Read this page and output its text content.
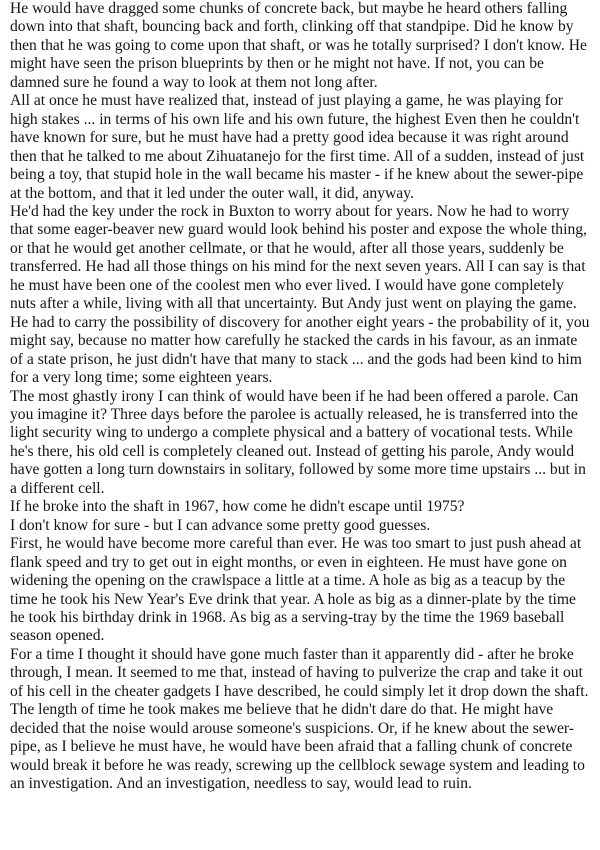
He would have dragged some chunks of concrete back, but maybe he heard others falling down into that shaft, bouncing back and forth, clinking off that standpipe. Did he know by then that he was going to come upon that shaft, or was he totally surprised? I don't know. He might have seen the prison blueprints by then or he might not have. If not, you can be damned sure he found a way to look at them not long after.

All at once he must have realized that, instead of just playing a game, he was playing for high stakes ... in terms of his own life and his own future, the highest Even then he couldn't have known for sure, but he must have had a pretty good idea because it was right around then that he talked to me about Zihuatanejo for the first time. All of a sudden, instead of just being a toy, that stupid hole in the wall became his master - if he knew about the sewer-pipe at the bottom, and that it led under the outer wall, it did, anyway.

He'd had the key under the rock in Buxton to worry about for years. Now he had to worry that some eager-beaver new guard would look behind his poster and expose the whole thing, or that he would get another cellmate, or that he would, after all those years, suddenly be transferred. He had all those things on his mind for the next seven years. All I can say is that he must have been one of the coolest men who ever lived. I would have gone completely nuts after a while, living with all that uncertainty. But Andy just went on playing the game.

He had to carry the possibility of discovery for another eight years - the probability of it, you might say, because no matter how carefully he stacked the cards in his favour, as an inmate of a state prison, he just didn't have that many to stack ... and the gods had been kind to him for a very long time; some eighteen years.

The most ghastly irony I can think of would have been if he had been offered a parole. Can you imagine it? Three days before the parolee is actually released, he is transferred into the light security wing to undergo a complete physical and a battery of vocational tests. While he's there, his old cell is completely cleaned out. Instead of getting his parole, Andy would have gotten a long turn downstairs in solitary, followed by some more time upstairs ... but in a different cell.

If he broke into the shaft in 1967, how come he didn't escape until 1975?

I don't know for sure - but I can advance some pretty good guesses.

First, he would have become more careful than ever. He was too smart to just push ahead at flank speed and try to get out in eight months, or even in eighteen. He must have gone on widening the opening on the crawlspace a little at a time. A hole as big as a teacup by the time he took his New Year's Eve drink that year. A hole as big as a dinner-plate by the time he took his birthday drink in 1968. As big as a serving-tray by the time the 1969 baseball season opened.

For a time I thought it should have gone much faster than it apparently did - after he broke through, I mean. It seemed to me that, instead of having to pulverize the crap and take it out of his cell in the cheater gadgets I have described, he could simply let it drop down the shaft. The length of time he took makes me believe that he didn't dare do that. He might have decided that the noise would arouse someone's suspicions. Or, if he knew about the sewer-pipe, as I believe he must have, he would have been afraid that a falling chunk of concrete would break it before he was ready, screwing up the cellblock sewage system and leading to an investigation. And an investigation, needless to say, would lead to ruin.
